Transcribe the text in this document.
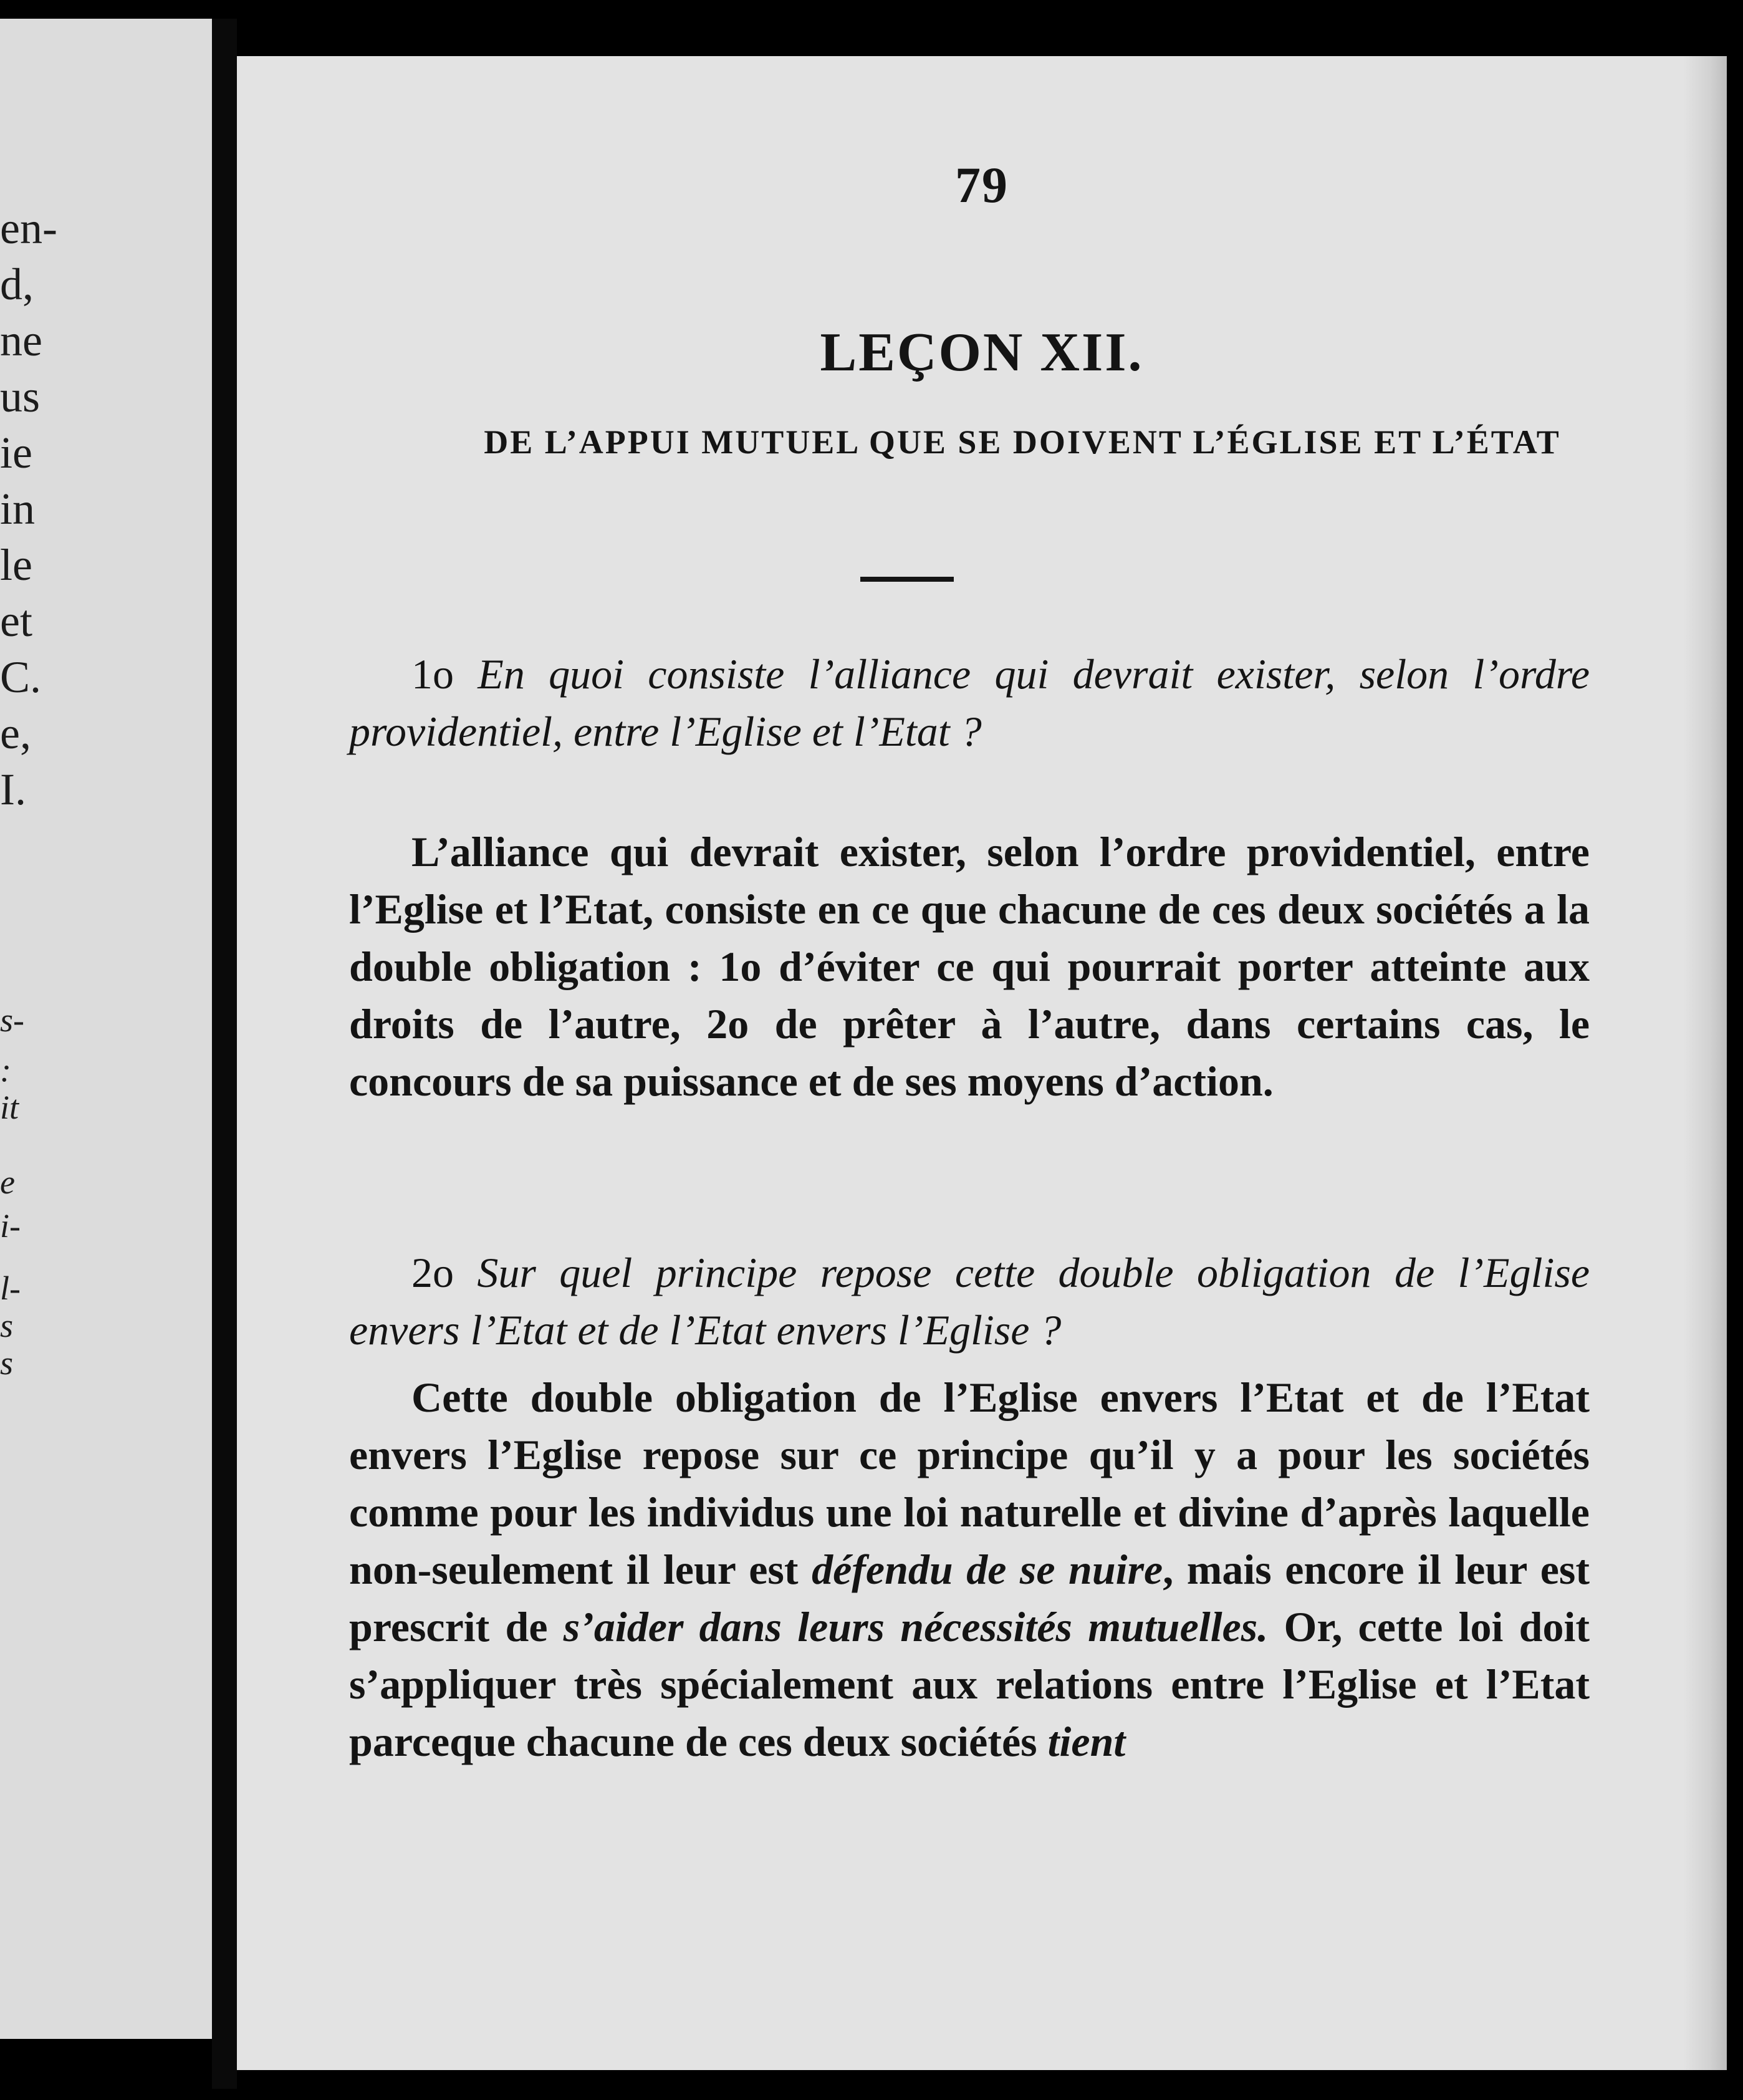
en-
d,
ne
us
ie
in
le
et
C.
e,
I.
s-
:
it
e
i-
l-
s
s
79
LEÇON XII.
DE L’APPUI MUTUEL QUE SE DOIVENT L’ÉGLISE ET L’ÉTAT

1o En quoi consiste l’alliance qui devrait exister, selon l’ordre providentiel, entre l’Eglise et l’Etat ?

L’alliance qui devrait exister, selon l’ordre providentiel, entre l’Eglise et l’Etat, consiste en ce que chacune de ces deux sociétés a la double obligation : 1o d’éviter ce qui pourrait porter atteinte aux droits de l’autre, 2o de prêter à l’autre, dans certains cas, le concours de sa puissance et de ses moyens d’action.

2o Sur quel principe repose cette double obligation de l’Eglise envers l’Etat et de l’Etat envers l’Eglise ?

Cette double obligation de l’Eglise envers l’Etat et de l’Etat envers l’Eglise repose sur ce principe qu’il y a pour les sociétés comme pour les individus une loi naturelle et divine d’après laquelle non-seulement il leur est défendu de se nuire, mais encore il leur est prescrit de s’aider dans leurs nécessités mutuelles. Or, cette loi doit s’appliquer très spécialement aux relations entre l’Eglise et l’Etat parceque chacune de ces deux sociétés tient
